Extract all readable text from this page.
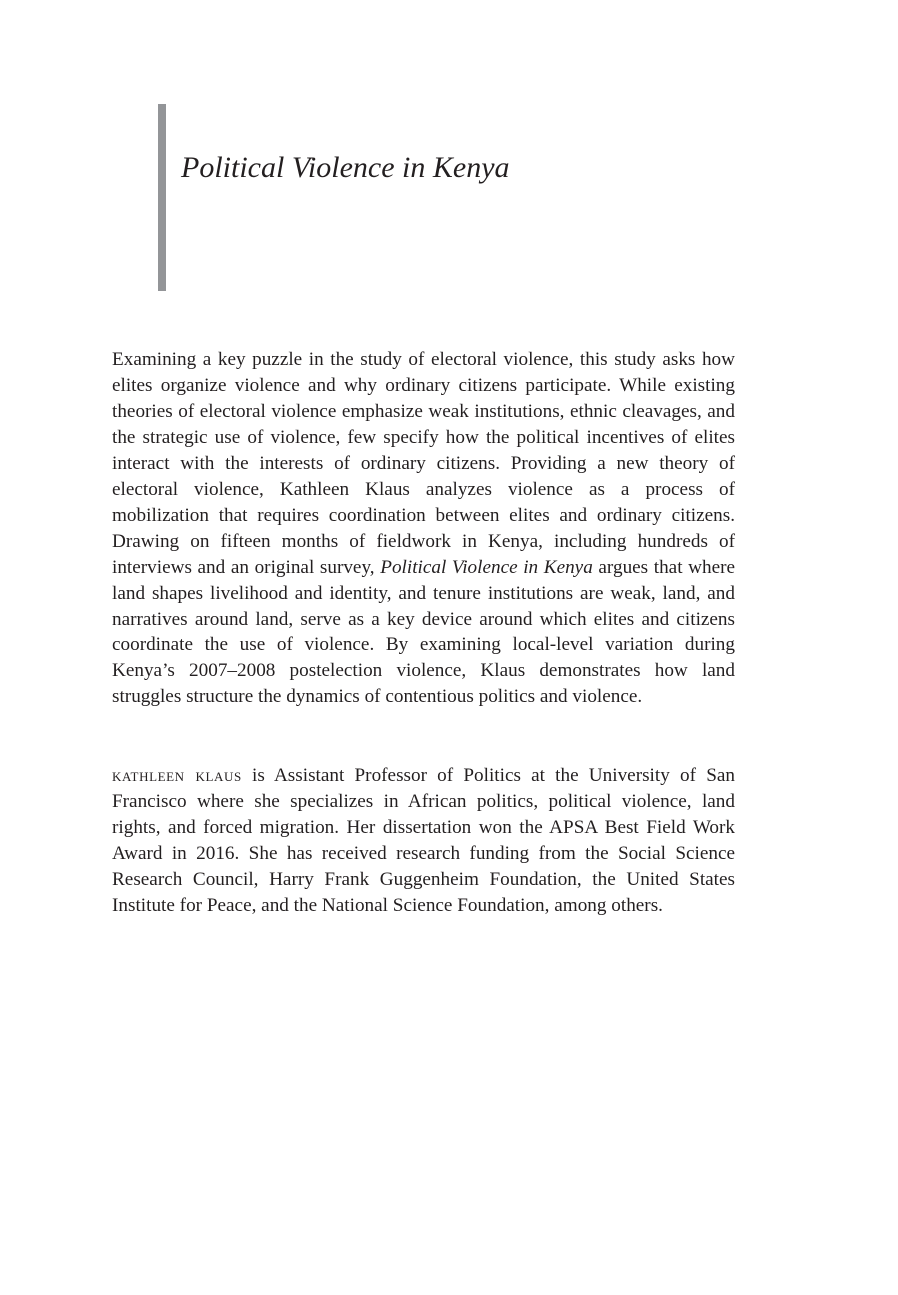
Political Violence in Kenya

Examining a key puzzle in the study of electoral violence, this study asks how elites organize violence and why ordinary citizens participate. While existing theories of electoral violence emphasize weak institutions, ethnic cleavages, and the strategic use of violence, few specify how the political incentives of elites interact with the interests of ordinary citizens. Providing a new theory of electoral violence, Kathleen Klaus analyzes violence as a process of mobilization that requires coordination between elites and ordinary citizens. Drawing on fifteen months of fieldwork in Kenya, including hundreds of interviews and an original survey, Political Violence in Kenya argues that where land shapes livelihood and identity, and tenure institutions are weak, land, and narratives around land, serve as a key device around which elites and citizens coordinate the use of violence. By examining local-level variation during Kenya’s 2007–2008 postelection violence, Klaus demonstrates how land struggles structure the dynamics of contentious politics and violence.

kathleen klaus is Assistant Professor of Politics at the University of San Francisco where she specializes in African politics, political violence, land rights, and forced migration. Her dissertation won the APSA Best Field Work Award in 2016. She has received research funding from the Social Science Research Council, Harry Frank Guggenheim Foundation, the United States Institute for Peace, and the National Science Foundation, among others.
